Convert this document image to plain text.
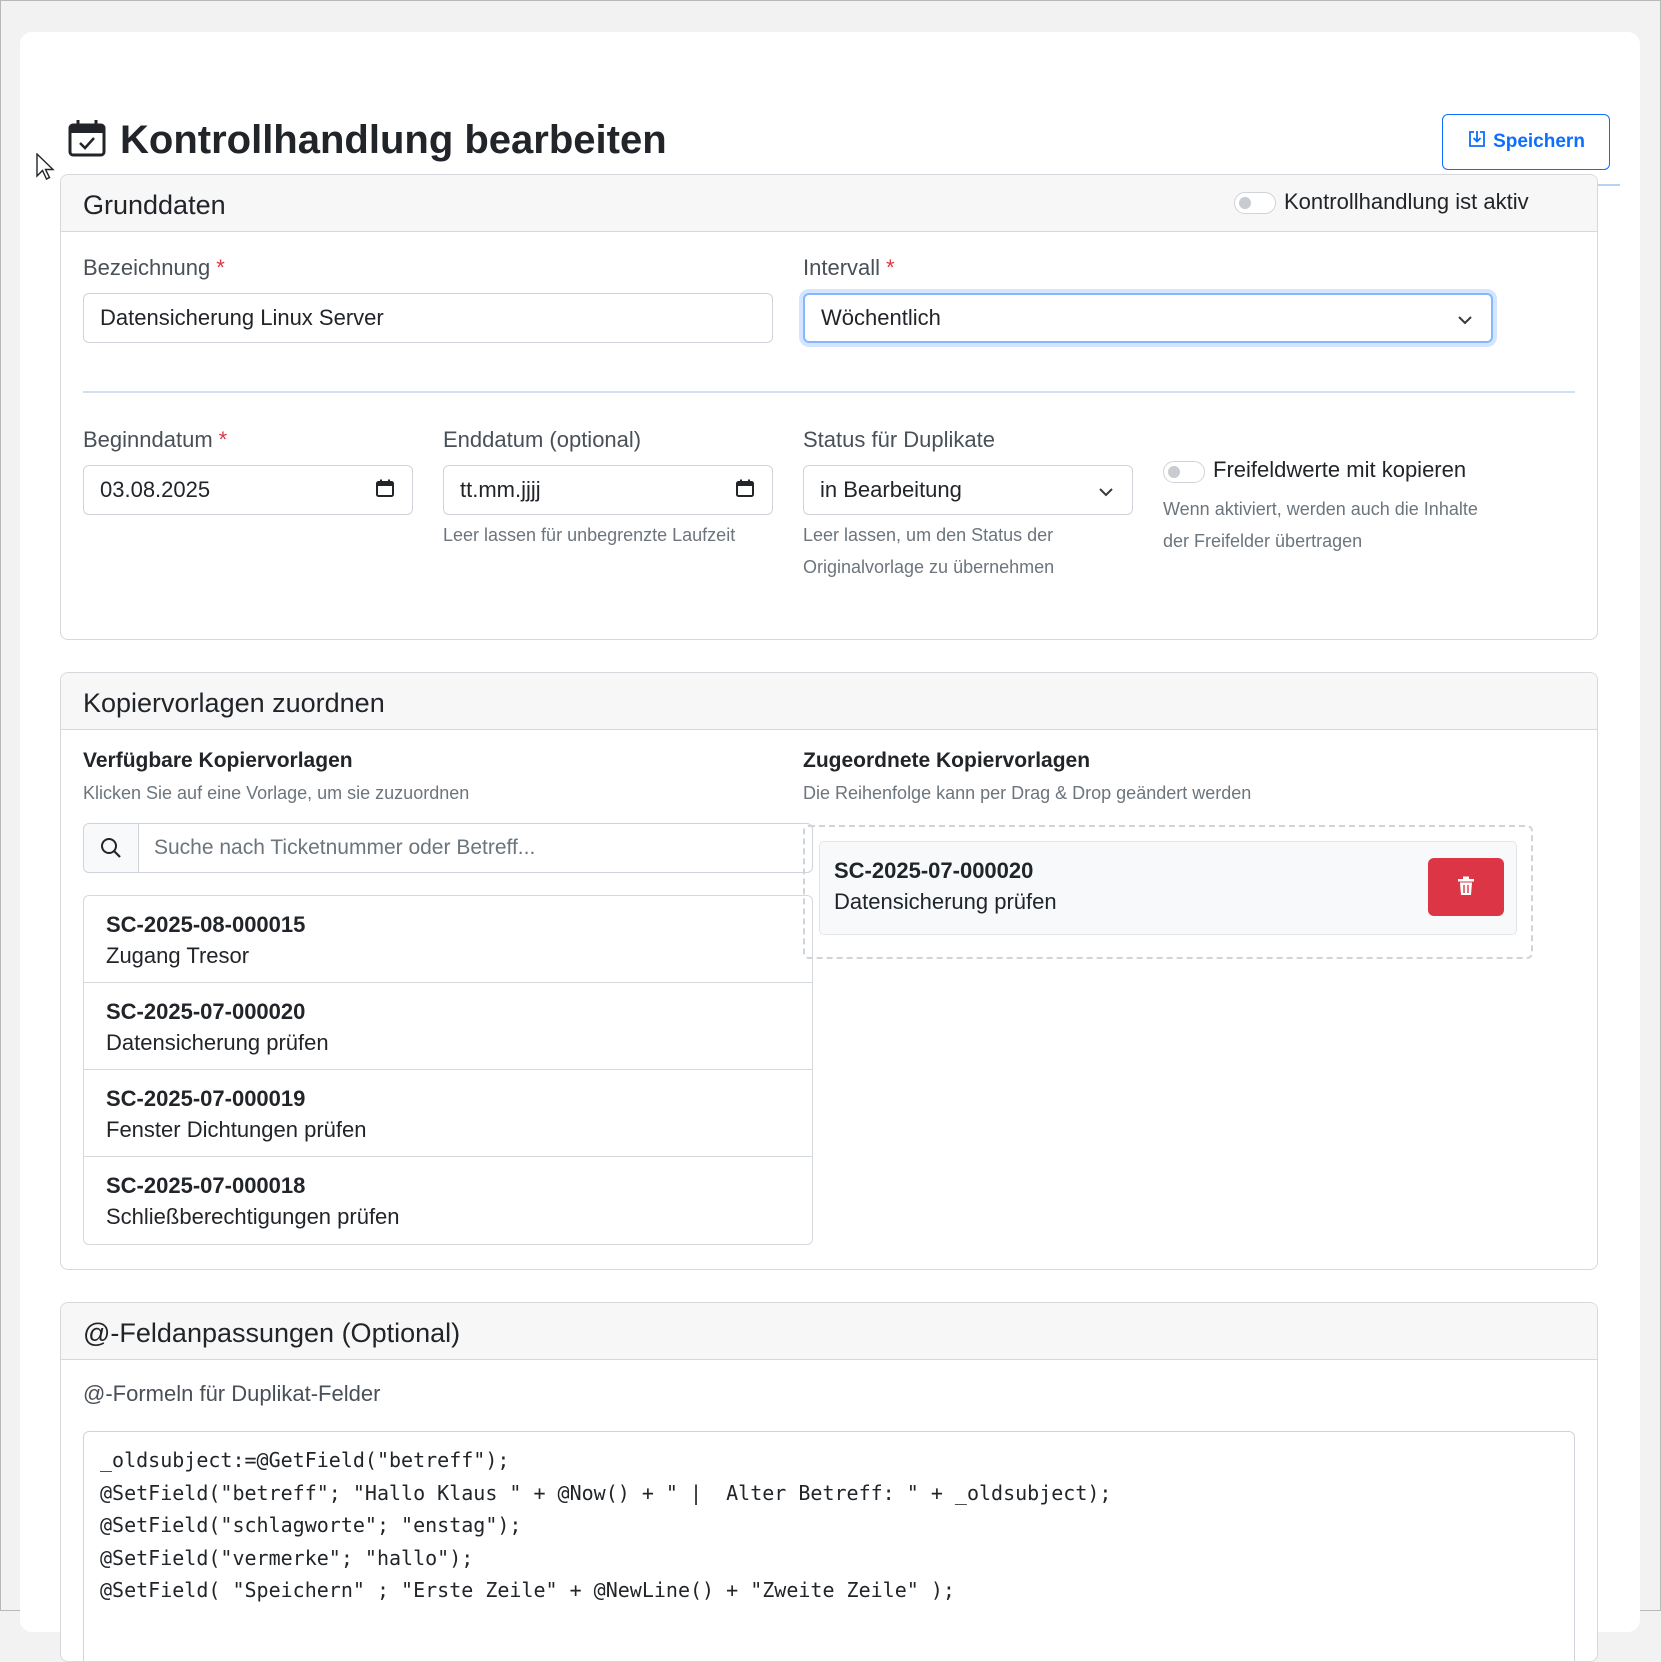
Kontrollhandlung bearbeiten	Speichern
Grunddaten	Kontrollhandlung ist aktiv
Bezeichnung *
Datensicherung Linux Server
Intervall *
Wöchentlich
Beginndatum *
03.08.2025
Enddatum (optional)
tt.mm.jjjj
Leer lassen für unbegrenzte Laufzeit
Status für Duplikate
in Bearbeitung
Leer lassen, um den Status der
Originalvorlage zu übernehmen
Freifeldwerte mit kopieren
Wenn aktiviert, werden auch die Inhalte
der Freifelder übertragen
Kopiervorlagen zuordnen
Verfügbare Kopiervorlagen
Klicken Sie auf eine Vorlage, um sie zuzuordnen
Suche nach Ticketnummer oder Betreff...
SC-2025-08-000015
Zugang Tresor
SC-2025-07-000020
Datensicherung prüfen
SC-2025-07-000019
Fenster Dichtungen prüfen
SC-2025-07-000018
Schließberechtigungen prüfen
Zugeordnete Kopiervorlagen
Die Reihenfolge kann per Drag & Drop geändert werden
SC-2025-07-000020
Datensicherung prüfen
@-Feldanpassungen (Optional)
@-Formeln für Duplikat-Felder
_oldsubject:=@GetField("betreff");
@SetField("betreff"; "Hallo Klaus " + @Now() + " |  Alter Betreff: " + _oldsubject);
@SetField("schlagworte"; "enstag");
@SetField("vermerke"; "hallo");
@SetField( "Speichern" ; "Erste Zeile" + @NewLine() + "Zweite Zeile" );
